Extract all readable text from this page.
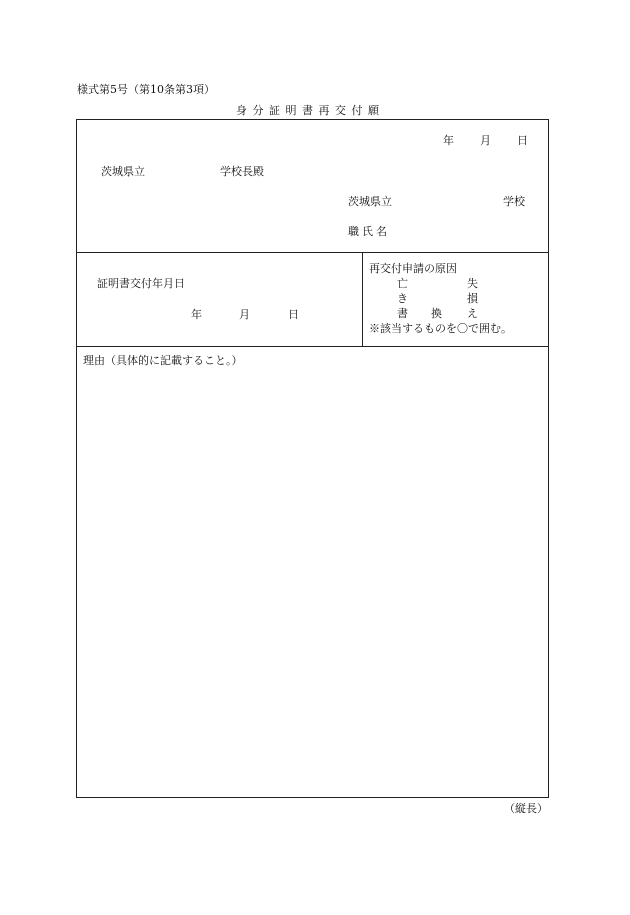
様式第5号（第10条第3項）
身分証明書再交付願
年 月 日
茨城県立	学校長殿
茨城県立	学校
職氏名
証明書交付年月日
年	月	日
再交付申請の原因
亡	失
き	損
書 換 え
※該当するものを〇で囲む。
理由（具体的に記載すること。）
（縦長）
